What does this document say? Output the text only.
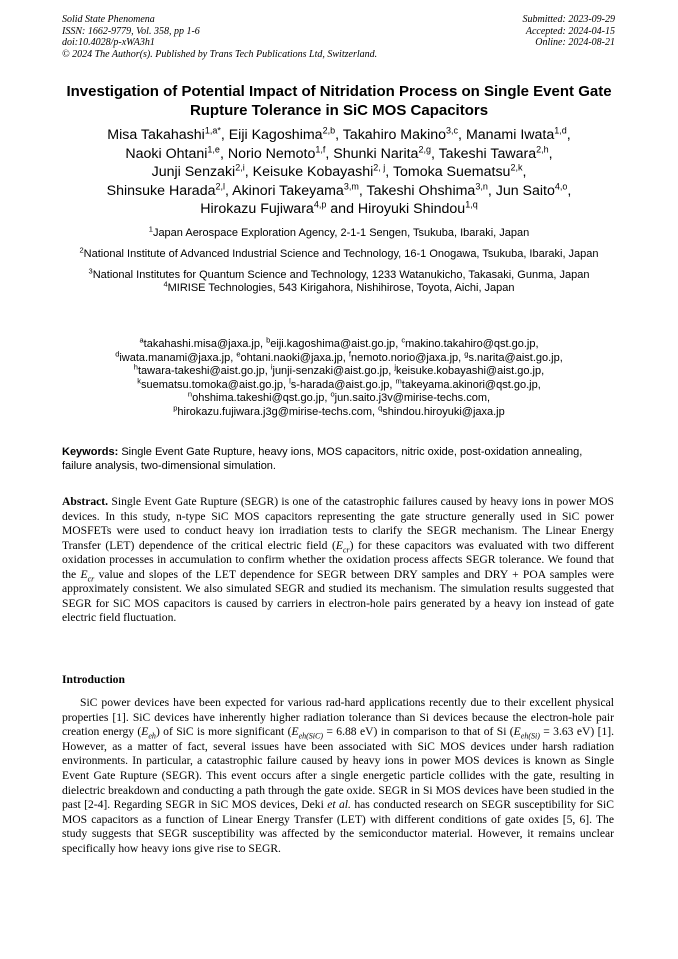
Solid State Phenomena
ISSN: 1662-9779, Vol. 358, pp 1-6
doi:10.4028/p-xWA3h1
© 2024 The Author(s). Published by Trans Tech Publications Ltd, Switzerland.
Submitted: 2023-09-29
Accepted: 2024-04-15
Online: 2024-08-21
Investigation of Potential Impact of Nitridation Process on Single Event Gate Rupture Tolerance in SiC MOS Capacitors
Misa Takahashi$^{1,a*}$, Eiji Kagoshima$^{2,b}$, Takahiro Makino$^{3,c}$, Manami Iwata$^{1,d}$,
Naoki Ohtani$^{1,e}$, Norio Nemoto$^{1,f}$, Shunki Narita$^{2,g}$, Takeshi Tawara$^{2,h}$,
Junji Senzaki$^{2,i}$, Keisuke Kobayashi$^{2, j}$, Tomoka Suematsu$^{2,k}$,
Shinsuke Harada$^{2,l}$, Akinori Takeyama$^{3,m}$, Takeshi Ohshima$^{3,n}$, Jun Saito$^{4,o}$,
Hirokazu Fujiwara$^{4,p}$ and Hiroyuki Shindou$^{1,q}$

$^1$Japan Aerospace Exploration Agency, 2-1-1 Sengen, Tsukuba, Ibaraki, Japan

$^2$National Institute of Advanced Industrial Science and Technology, 16-1 Onogawa, Tsukuba, Ibaraki, Japan

$^3$National Institutes for Quantum Science and Technology, 1233 Watanukicho, Takasaki, Gunma, Japan

$^4$MIRISE Technologies, 543 Kirigahora, Nishihirose, Toyota, Aichi, Japan

$^a$takahashi.misa@jaxa.jp, $^b$eiji.kagoshima@aist.go.jp, $^c$makino.takahiro@qst.go.jp,
$^d$iwata.manami@jaxa.jp, $^e$ohtani.naoki@jaxa.jp, $^f$nemoto.norio@jaxa.jp, $^g$s.narita@aist.go.jp,
$^h$tawara-takeshi@aist.go.jp, $^i$junji-senzaki@aist.go.jp, $^j$keisuke.kobayashi@aist.go.jp,
$^k$suematsu.tomoka@aist.go.jp, $^l$s-harada@aist.go.jp, $^m$takeyama.akinori@qst.go.jp,
$^n$ohshima.takeshi@qst.go.jp, $^o$jun.saito.j3v@mirise-techs.com,
$^p$hirokazu.fujiwara.j3g@mirise-techs.com, $^q$shindou.hiroyuki@jaxa.jp
Keywords: Single Event Gate Rupture, heavy ions, MOS capacitors, nitric oxide, post-oxidation annealing, failure analysis, two-dimensional simulation.
Abstract. Single Event Gate Rupture (SEGR) is one of the catastrophic failures caused by heavy ions in power MOS devices. In this study, n-type SiC MOS capacitors representing the gate structure generally used in SiC power MOSFETs were used to conduct heavy ion irradiation tests to clarify the SEGR mechanism. The Linear Energy Transfer (LET) dependence of the critical electric field $(E_{cr})$ for these capacitors was evaluated with two different oxidation processes in accumulation to confirm whether the oxidation process affects SEGR tolerance. We found that the $E_{cr}$ value and slopes of the LET dependence for SEGR between DRY samples and DRY + POA samples were approximately consistent. We also simulated SEGR and studied its mechanism. The simulation results suggested that SEGR for SiC MOS capacitors is caused by carriers in electron-hole pairs generated by a heavy ion instead of gate electric field fluctuation.
Introduction
SiC power devices have been expected for various rad-hard applications recently due to their excellent physical properties [1]. SiC devices have inherently higher radiation tolerance than Si devices because the electron-hole pair creation energy $(E_{eh})$ of SiC is more significant ($E_{eh(SiC)} = 6.88$ eV) in comparison to that of Si ($E_{eh(Si)} = 3.63$ eV) [1]. However, as a matter of fact, several issues have been associated with SiC MOS devices under harsh radiation environments. In particular, a catastrophic failure caused by heavy ions in power MOS devices is known as Single Event Gate Rupture (SEGR). This event occurs after a single energetic particle collides with the gate, resulting in dielectric breakdown and conducting a path through the gate oxide. SEGR in Si MOS devices have been studied in the past [2-4]. Regarding SEGR in SiC MOS devices, Deki et al. has conducted research on SEGR susceptibility for SiC MOS capacitors as a function of Linear Energy Transfer (LET) with different conditions of gate oxides [5, 6]. The study suggests that SEGR susceptibility was affected by the semiconductor material. However, it remains unclear specifically how heavy ions give rise to SEGR.
